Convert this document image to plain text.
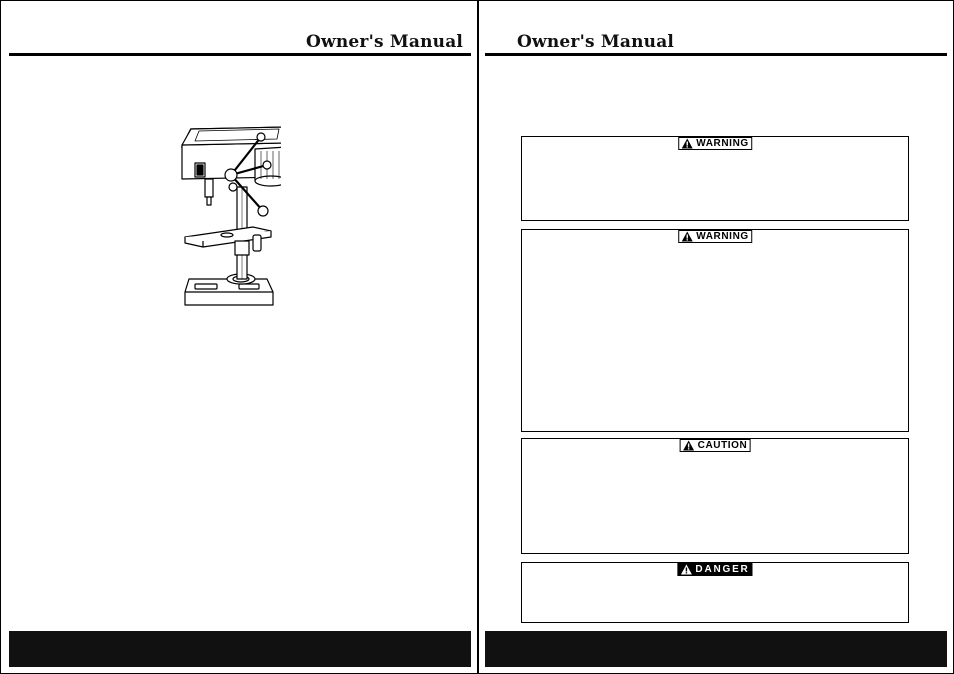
Owner's Manual	Owner's Manual
WARNING
WARNING
CAUTION
DANGER
